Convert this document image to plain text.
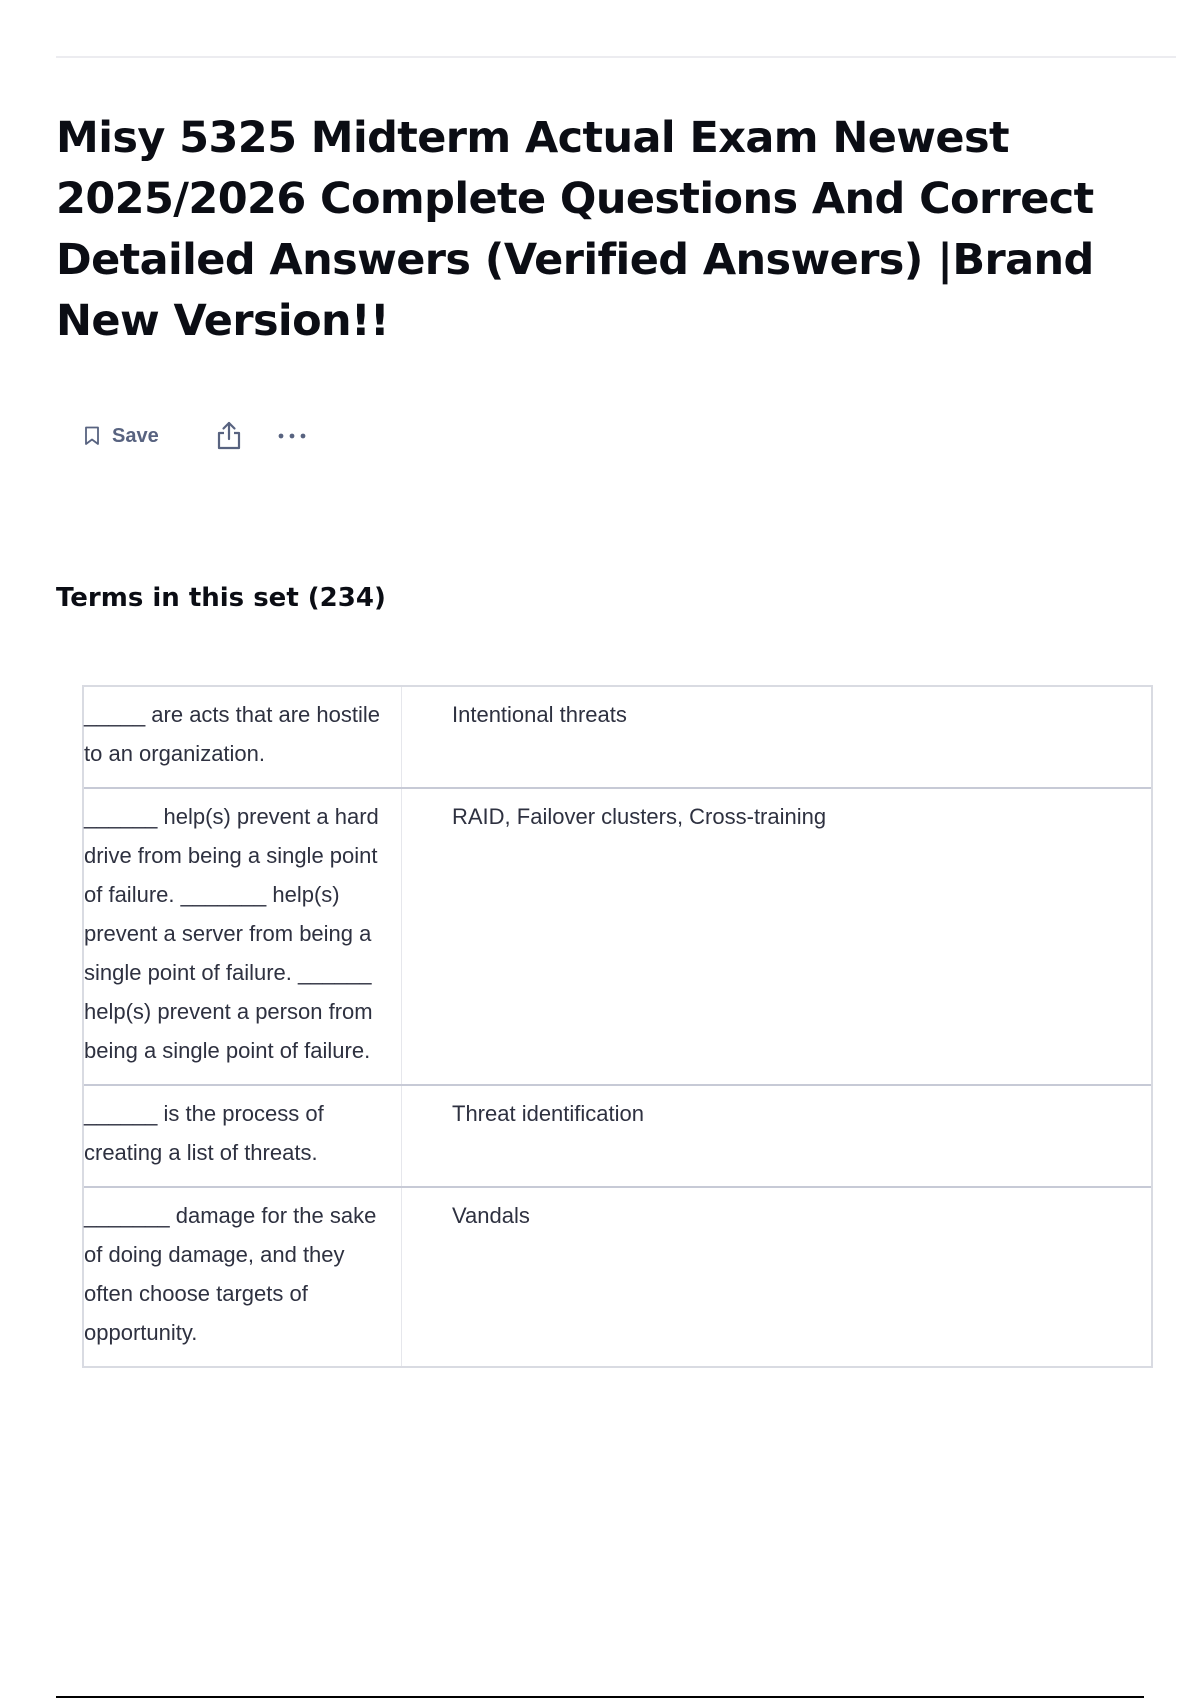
Misy 5325 Midterm Actual Exam Newest 2025/2026 Complete Questions And Correct Detailed Answers (Verified Answers) |Brand New Version!!
Save
Terms in this set (234)
_____ are acts that are hostile to an organization.
Intentional threats
______ help(s) prevent a hard drive from being a single point of failure. _______ help(s) prevent a server from being a single point of failure. ______ help(s) prevent a person from being a single point of failure.
RAID, Failover clusters, Cross-training
______ is the process of creating a list of threats.
Threat identification
_______ damage for the sake of doing damage, and they often choose targets of opportunity.
Vandals
